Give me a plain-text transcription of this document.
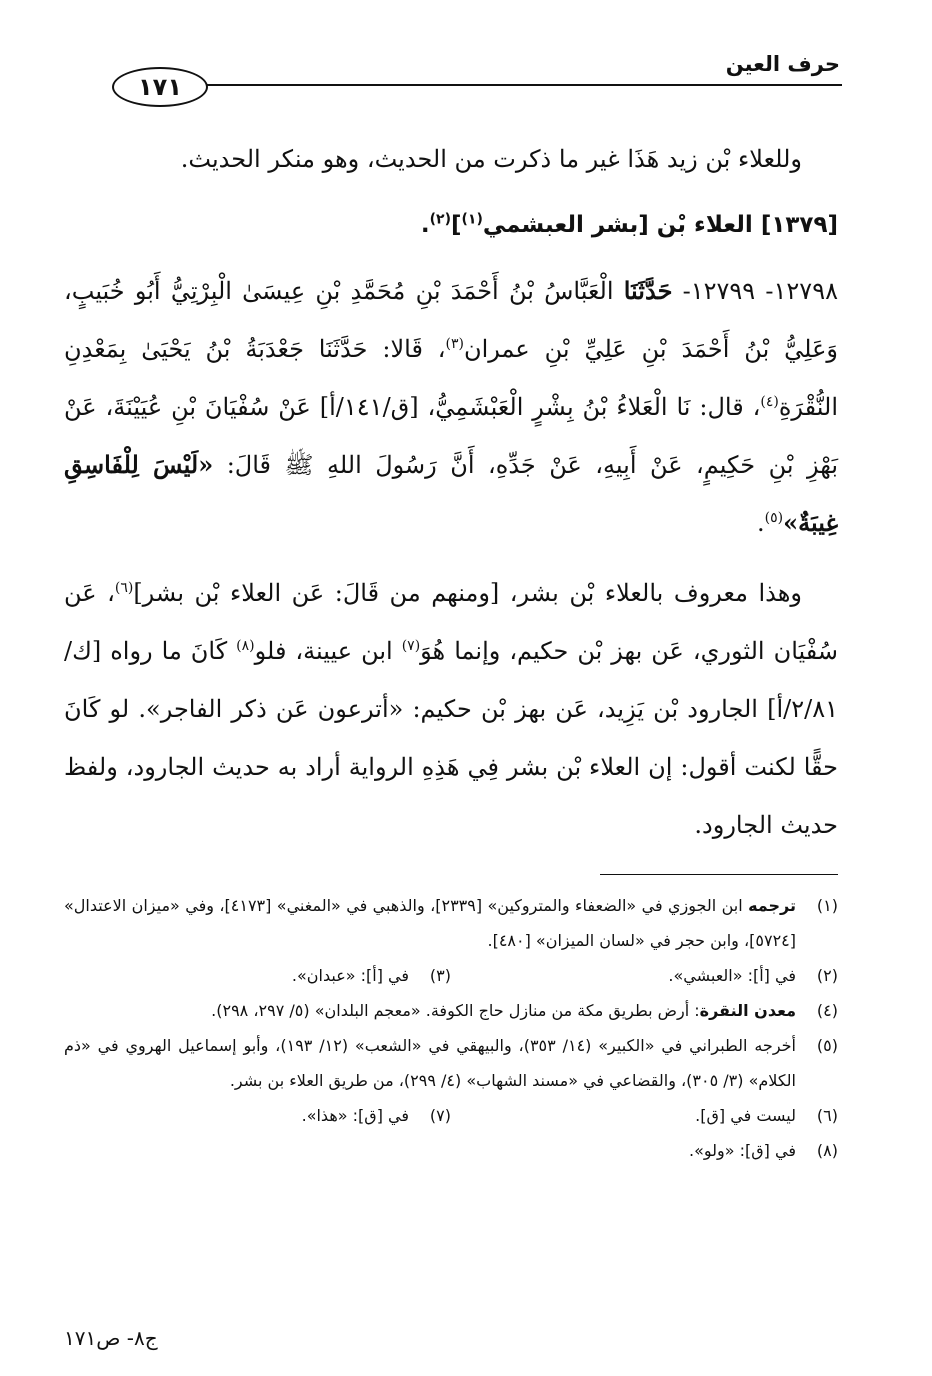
حرف العين
١٧١

وللعلاء بْن زيد هَذَا غير ما ذكرت من الحديث، وهو منكر الحديث.

[١٣٧٩] العلاء بْن [بشر العبشمي$^{(١)}$]$^{(٢)}$.

١٢٧٩٨- ١٢٧٩٩- حَدَّثَنَا الْعَبَّاسُ بْنُ أَحْمَدَ بْنِ مُحَمَّدِ بْنِ عِيسَىٰ الْبِرْتِيُّ أَبُو خُبَيبٍ، وَعَلِيُّ بْنُ أَحْمَدَ بْنِ عَلِيِّ بْنِ عمران$^{(٣)}$، قَالا: حَدَّثَنَا جَعْدَبَةُ بْنُ يَحْيَىٰ بِمَعْدِنِ النُّقْرَةِ$^{(٤)}$، قال: نَا الْعَلاءُ بْنُ بِشْرٍ الْعَبْشَمِيُّ، [ق/١٤١/أ] عَنْ سُفْيَانَ بْنِ عُيَيْنَةَ، عَنْ بَهْزِ بْنِ حَكِيمٍ، عَنْ أَبِيهِ، عَنْ جَدِّهِ، أَنَّ رَسُولَ اللهِ ﷺ قَالَ: «لَيْسَ لِلْفَاسِقِ غِيبَةٌ»$^{(٥)}$.

وهذا معروف بالعلاء بْن بشر، [ومنهم من قَالَ: عَن العلاء بْن بشر]$^{(٦)}$، عَن سُفْيَان الثوري، عَن بهز بْن حكيم، وإنما هُوَ$^{(٧)}$ ابن عيينة، فلو$^{(٨)}$ كَانَ ما رواه [ك/٢/٨١/أ] الجارود بْن يَزِيد، عَن بهز بْن حكيم: «أترعون عَن ذكر الفاجر». لو كَانَ حقًّا لكنت أقول: إن العلاء بْن بشر فِي هَذِهِ الرواية أراد به حديث الجارود، ولفظ حديث الجارود.

(١)
ترجمه ابن الجوزي في «الضعفاء والمتروكين» [٢٣٣٩]، والذهبي في «المغني» [٤١٧٣]، وفي «ميزان الاعتدال» [٥٧٢٤]، وابن حجر في «لسان الميزان» [٤٨٠].
(٢)
في [أ]: «العبشي».
(٣)
في [أ]: «عبدان».
(٤)
معدن النقرة: أرض بطريق مكة من منازل حاج الكوفة. «معجم البلدان» (٥/ ٢٩٧، ٢٩٨).
(٥)
أخرجه الطبراني في «الكبير» (١٤/ ٣٥٣)، والبيهقي في «الشعب» (١٢/ ١٩٣)، وأبو إسماعيل الهروي في «ذم الكلام» (٣/ ٣٠٥)، والقضاعي في «مسند الشهاب» (٤/ ٢٩٩)، من طريق العلاء بن بشر.
(٦)
ليست في [ق].
(٧)
في [ق]: «هذا».
(٨)
في [ق]: «ولو».
ج٨- ص١٧١
